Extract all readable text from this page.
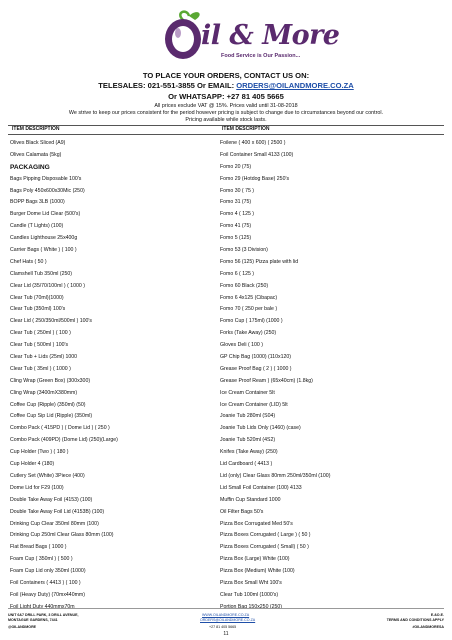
il & More
Food Service is Our Passion...
TO PLACE YOUR ORDERS, CONTACT US ON:
TELESALES: 021-551-3855 Or EMAIL: ORDERS@OILANDMORE.CO.ZA
Or WHATSAPP: +27 81 405 5665
All prices exclude VAT @ 15%. Prices valid until 31-08-2018
We strive to keep our prices consistent for the period however pricing is subject to change due to circumstances beyond our control.
Pricing available while stock lasts.
ITEM DESCRIPTION	ITEM DESCRIPTION
Olives Black Sliced (A9)
Olives Calamata (5kg)
PACKAGING
Bags Pipping Disposable 100's
Bags Poly 450x600x30Mic (250)
BOPP Bags 3LB (1000)
Burger Dome Lid Clear (500's)
Candle (T Lights) (100)
Candles Lighthouse 25x400g
Carrier Bags ( White ) ( 100 )
Chef Hats ( 50 )
Clamshell Tub 350ml (250)
Clear Lid (35/70/100ml ) ( 1000 )
Clear Tub (70ml)(1000)
Clear Tub (350ml) 100's
Clear Lid ( 250/350ml/500ml ) 100's
Clear Tub ( 250ml ) ( 100 )
Clear Tub ( 500ml ) 100's
Clear Tub + Lids (25ml) 1000
Clear Tub ( 35ml ) ( 1000 )
Cling Wrap (Green Box) (300x300)
Cling Wrap (3400mX380mm)
Coffee Cup (Ripple) (350ml) (50)
Coffee Cup Sip Lid (Ripple) (350ml)
Combo Pack ( 415PD ) ( Dome Lid ) ( 250 )
Combo Pack (409PD) (Dome Lid) (250)(Large)
Cup Holder (Two ) ( 180 )
Cup Holder 4 (180)
Cutlery Set (White) 3Piece (400)
Dome Lid for F29 (100)
Double Take Away Foil (4153) (100)
Double Take Away Foil Lid (4153B) (100)
Drinking Cup Clear 350ml 80mm (100)
Drinking Cup 250ml Clear Glass 80mm (100)
Flat Bread Bags ( 1000 )
Foam Cup ( 350ml ) ( 500 )
Foam Cup Lid only 350ml (1000)
Foil Containers ( 4413 ) ( 100 )
Foil (Heavy Duty) (70mx440mm)
Foil Light Duty 440mmx70m
Foilene ( 400 x 600) ( 2500 )
Foil Container Small 4133 (100)
Fomo 20 (75)
Fomo 29 (Hotdog Base) 250's
Fomo 30 ( 75 )
Fomo 31 (75)
Fomo 4 ( 125 )
Fomo 41 (75)
Fomo 5 (125)
Fomo 53 (3 Division)
Fomo 56 (125) Pizza plate with lid
Fomo 6 ( 125 )
Fomo 60 Black (250)
Fomo 6 4x125 (Cibapac)
Fomo 70 ( 250 per bale )
Fomo Cup ( 175ml) (1000 )
Forks (Take Away) (250)
Gloves Deli ( 100 )
GP Chip Bag (1000) (110x120)
Grease Proof Bag ( 2 ) ( 1000 )
Grease Proof Ream ) (65x40cm) (1.8kg)
Ice Cream Container 5lt
Ice Cream Container (LID) 5lt
Joanie Tub 280ml (S04)
Joanie Tub Lids Only (1460) (case)
Joanie Tub 520ml (4S2)
Knifes (Take Away) (250)
Lid Cardboard ( 4413 )
Lid (only) Clear Glass 80mm 250ml/350ml (100)
Lid Small Foil Container (100) 4133
Muffin Cup Standard 1000
Oil Filter Bags 50's
Pizza Box Corrugated Med 50's
Pizza Boxes Corrugated ( Large ) ( 50 )
Pizza Boxes Corrugated ( Small) ( 50 )
Pizza Box (Large) White (100)
Pizza Box (Medium) White (100)
Pizza Box Small Wht 100's
Clear Tub 100ml (1000's)
Portion Bag 150x250 (250)
UNIT 6&7 DRILL PARK, 3 DRILL AVENUE,
MONTAGUE GARDENS, 7441
@OILANDMORE
WWW.OILANDMORE.CO.ZA
ORDERS@OILANDMORE.CO.ZA
+27 81 405 5665
E.&O.E.
TERMS AND CONDITIONS APPLY
#OILANDMORESA
11
